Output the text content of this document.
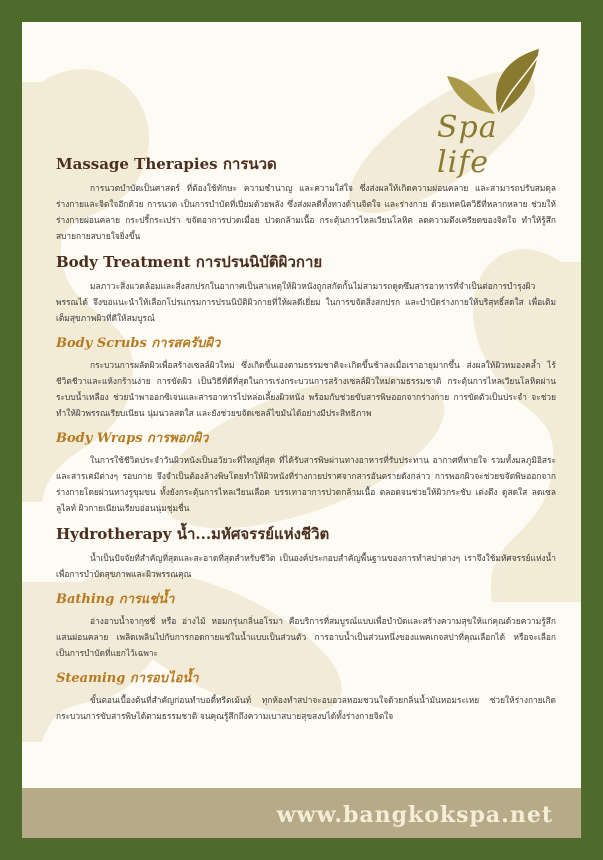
Spa life
Massage Therapies การนวด

การนวดบำบัดเป็นศาสตร์ ที่ต้องใช้ทักษะ ความชำนาญ และความใส่ใจ ซึ่งส่งผลให้เกิดความผ่อนคลาย และสามารถปรับสมดุลร่างกายและจิตใจอีกด้วย การนวด เป็นการบำบัดที่เปี่ยมด้วยพลัง ซึ่งส่งผลดีทั้งทางด้านจิตใจ และร่างกาย ด้วยเทคนิควิธีที่หลากหลาย ช่วยให้ร่างกายผ่อนคลาย กระปรี้กระเปร่า ขจัดอาการปวดเมื่อย ปวดกล้ามเนื้อ กระตุ้นการไหลเวียนโลหิต ลดความตึงเครียดของจิตใจ ทำให้รู้สึกสบายกายสบายใจยิ่งขึ้น

Body Treatment การปรนนิบัติผิวกาย

มลภาวะสิ่งแวดล้อมและสิ่งสกปรกในอากาศเป็นสาเหตุให้ผิวหนังถูกสกัดกั้นไม่สามารถดูดซึมสารอาหารที่จำเป็นต่อการบำรุงผิวพรรณได้ จึงขอแนะนำให้เลือกโปรแกรมการปรนนิบัติผิวกายที่ให้ผลดีเยี่ยม ในการขจัดสิ่งสกปรก และบำบัดร่างกายให้บริสุทธิ์สดใส เพื่อเติมเต็มสุขภาพผิวที่ดีให้สมบูรณ์

Body Scrubs การสครับผิว

กระบวนการผลัดผิวเพื่อสร้างเซลล์ผิวใหม่ ซึ่งเกิดขึ้นเองตามธรรมชาติจะเกิดขึ้นช้าลงเมื่อเราอายุมากขึ้น ส่งผลให้ผิวหมองคล้ำ ไร้ชีวิตชีวาและแห้งกร้านง่าย การขัดผิว เป็นวิธีที่ดีที่สุดในการเร่งกระบวนการสร้างเซลล์ผิวใหม่ตามธรรมชาติ กระตุ้นการไหลเวียนโลหิตผ่านระบบน้ำเหลือง ช่วยนำพาออกซิเจนและสารอาหารไปหล่อเลี้ยงผิวหนัง พร้อมกับช่วยขับสารพิษออกจากร่างกาย การขัดตัวเป็นประจำ จะช่วยทำให้ผิวพรรณเรียบเนียน นุ่มนวลสดใส และยังช่วยขจัดเซลล์ไขมันได้อย่างมีประสิทธิภาพ

Body Wraps การพอกผิว

ในการใช้ชีวิตประจำวันผิวหนังเป็นอวัยวะที่ใหญ่ที่สุด ที่ได้รับสารพิษผ่านทางอาหารที่รับประทาน อากาศที่หายใจ รวมทั้งมลภูมิอิสระและสารเคมีต่างๆ รอบกาย จึงจำเป็นต้องล้างพิษโดยทำให้ผิวหนังที่ร่างกายปราศจากสารอันตรายดังกล่าว การพอกผิวจะช่วยขจัดพิษออกจากร่างกายโดยผ่านทางรูขุมขน ทั้งยังกระตุ้นการไหลเวียนเลือด บรรเทาอาการปวดกล้ามเนื้อ ตลอดจนช่วยให้ผิวกระชับ เต่งตึง ดูสดใส ลดเซลลูไลท์ ผิวกายเนียนเรียบอ่อนนุ่มชุ่มชื่น

Hydrotherapy น้ำ...มหัศจรรย์แห่งชีวิต

น้ำเป็นปัจจัยที่สำคัญที่สุดและสะอาดที่สุดสำหรับชีวิต เป็นองค์ประกอบสำคัญพื้นฐานของการทำสปาต่างๆ เราจึงใช้มหัศจรรย์แห่งน้ำเพื่อการบำบัดสุขภาพและผิวพรรณคุณ

Bathing การแช่น้ำ

อ่างอาบน้ำจากุซซี่ หรือ อ่างไม้ หอมกรุ่นกลิ่นอโรมา คือบริการที่สมบูรณ์แบบเพื่อบำบัดและสร้างความสุขให้แก่คุณด้วยความรู้สึกแสนผ่อนคลาย เพลิดเพลินไปกับการกอดกายแช่ในน้ำแบบเป็นส่วนตัว การอาบน้ำเป็นส่วนหนึ่งของแพคเกจสปาที่คุณเลือกได้ หรือจะเลือกเป็นการบำบัดที่แยกไว้เฉพาะ

Steaming การอบไอน้ำ

ขั้นตอนเบื้องต้นที่สำคัญก่อนทำบอดี้ทรีตเม้นท์ ทุกห้องทำสปาจะอบอวลหอมชวนใจด้วยกลิ่นน้ำมันหอมระเหย ช่วยให้ร่างกายเกิดกระบวนการขับสารพิษได้ตามธรรมชาติ จนคุณรู้สึกถึงความเบาสบายสุขสงบได้ทั้งร่างกายจิตใจ

www.bangkokspa.net
